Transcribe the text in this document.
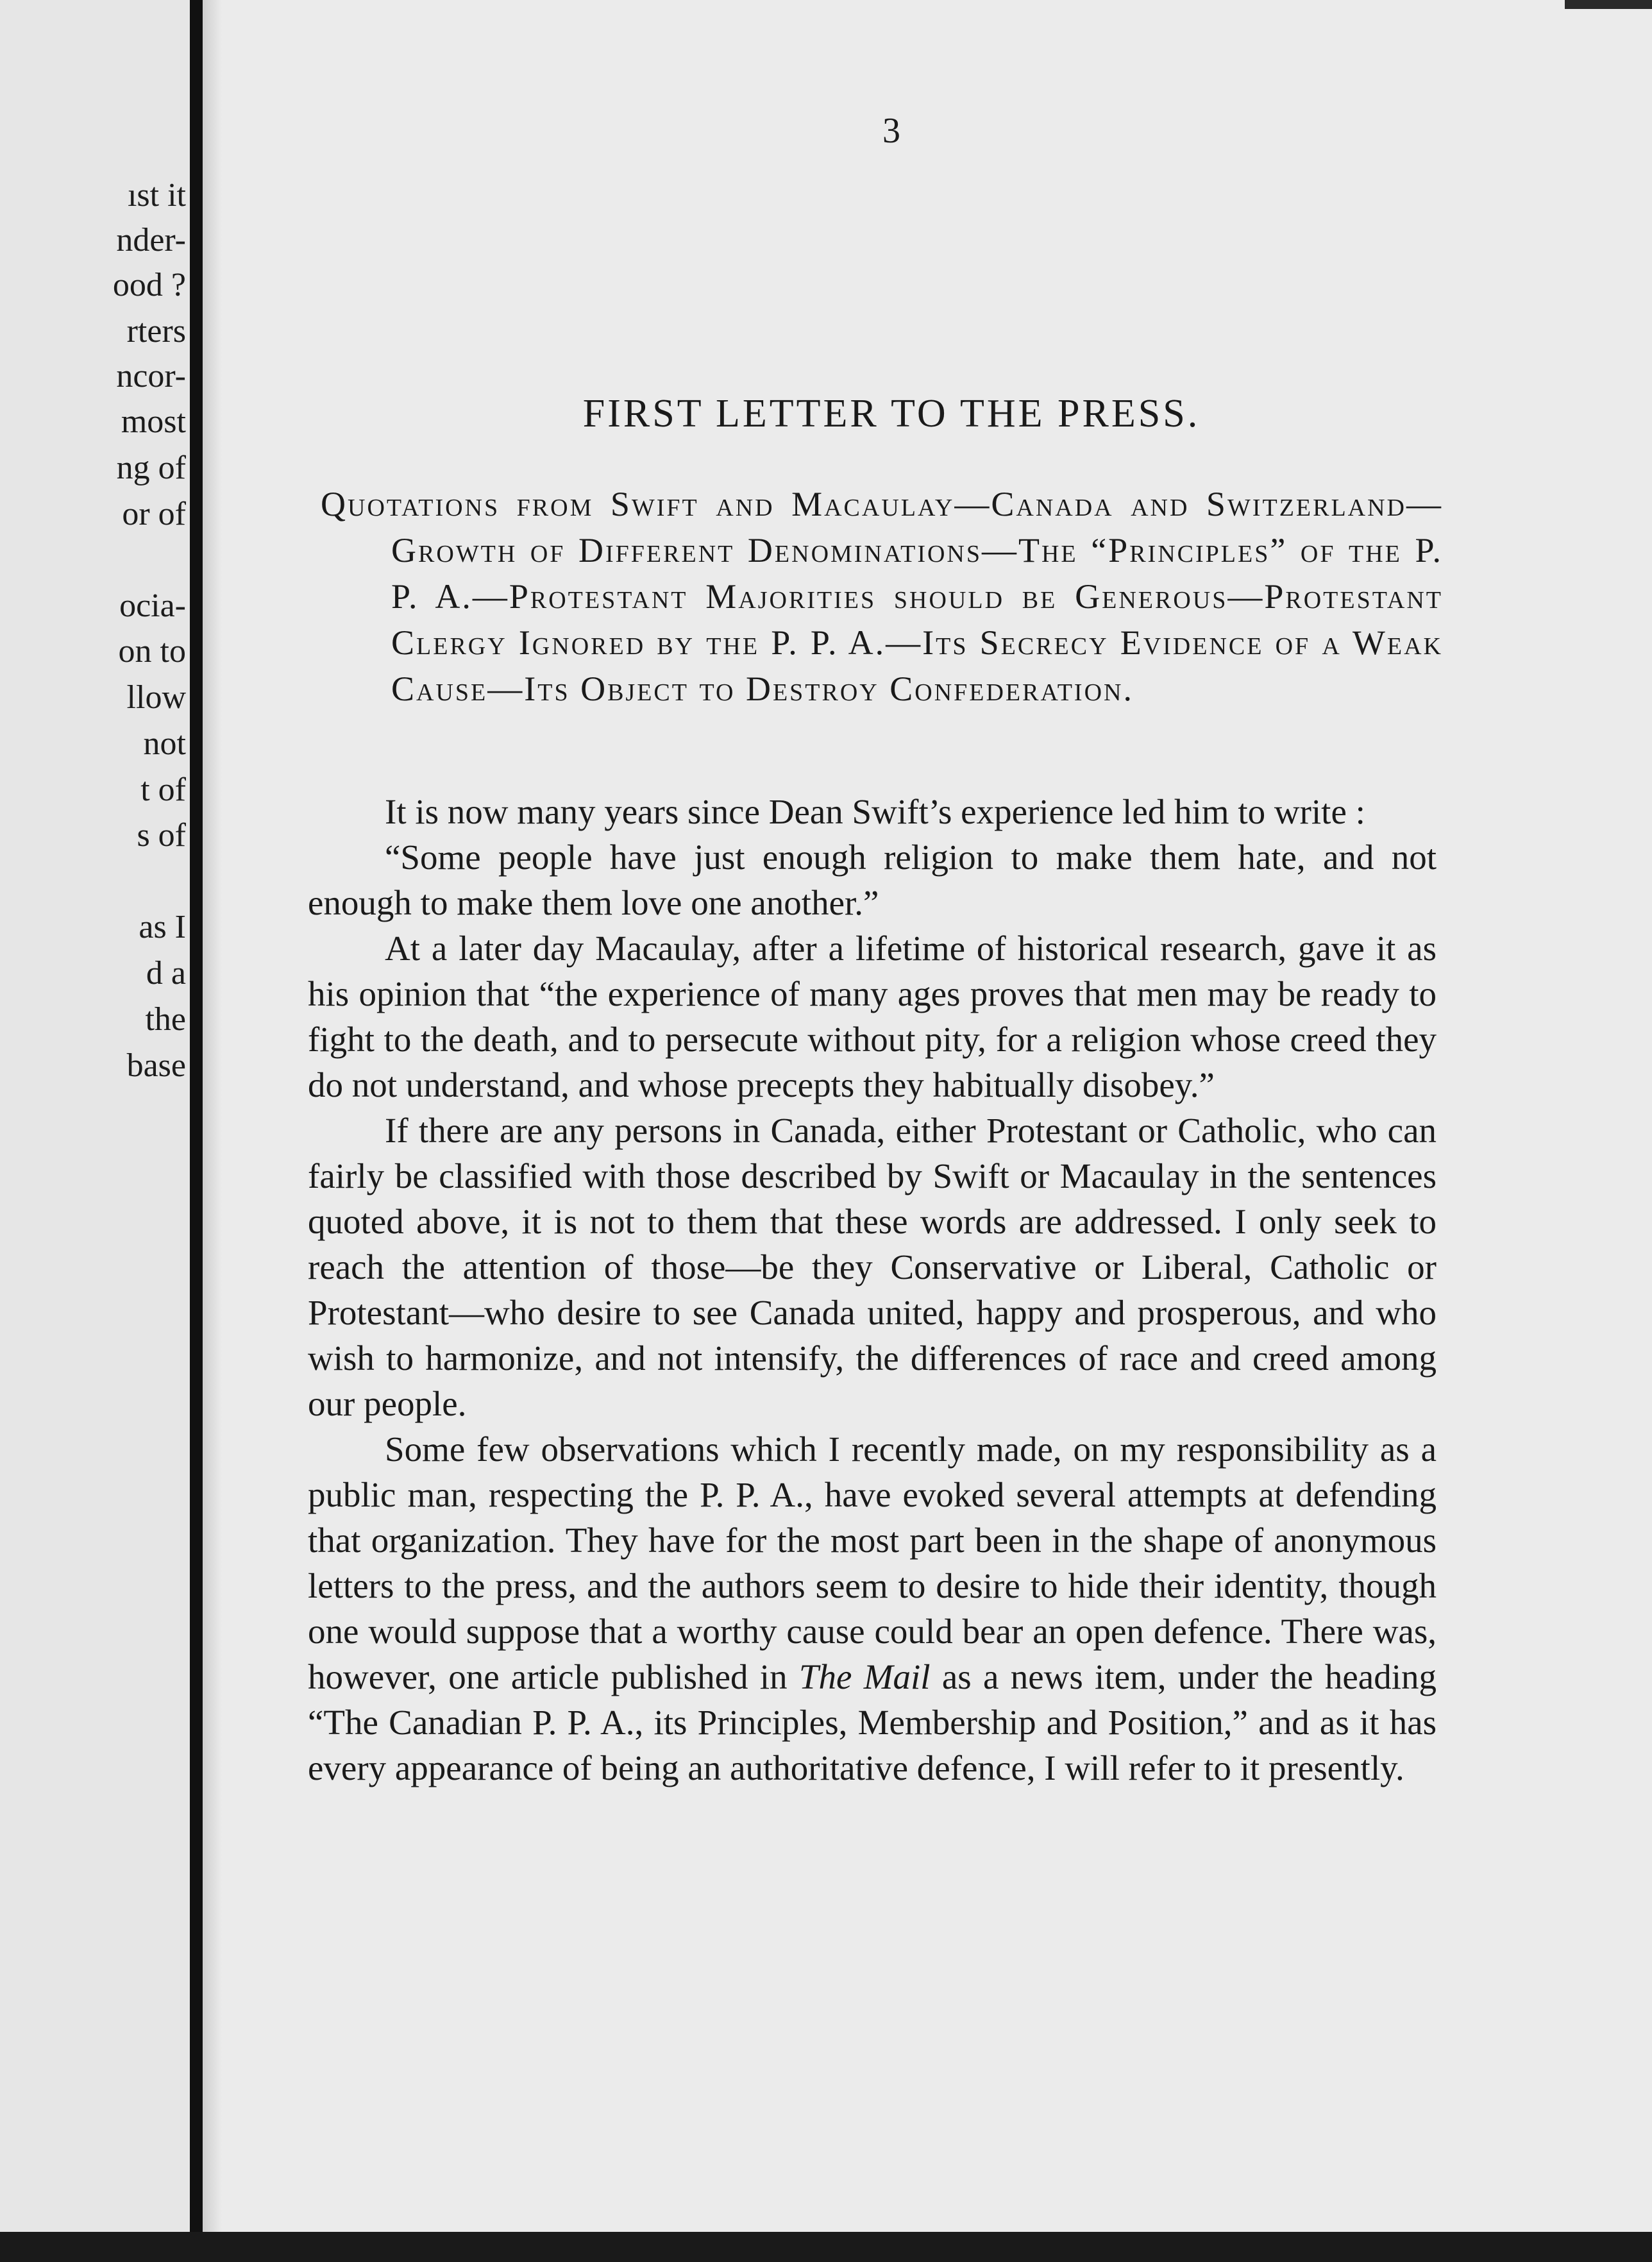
ıst it
nder-
ood ?
rters
ncor-
most
ng of
or of
ocia-
on to
llow
not
t of
s of
as I
d a
the
base
3
FIRST LETTER TO THE PRESS.
Quotations from Swift and Macaulay—Canada and Switzerland—Growth of Different Denominations—The “Principles” of the P. P. A.—Protestant Majorities should be Generous—Protestant Clergy Ignored by the P. P. A.—Its Secrecy Evidence of a Weak Cause—Its Object to Destroy Confederation.

It is now many years since Dean Swift’s experience led him to write :

“Some people have just enough religion to make them hate, and not enough to make them love one another.”

At a later day Macaulay, after a lifetime of historical research, gave it as his opinion that “the experience of many ages proves that men may be ready to fight to the death, and to persecute without pity, for a religion whose creed they do not understand, and whose precepts they habitually disobey.”

If there are any persons in Canada, either Protestant or Catholic, who can fairly be classified with those described by Swift or Macaulay in the sentences quoted above, it is not to them that these words are addressed. I only seek to reach the attention of those—be they Conservative or Liberal, Catholic or Protestant—who desire to see Canada united, happy and prosperous, and who wish to harmonize, and not intensify, the differences of race and creed among our people.

Some few observations which I recently made, on my responsibility as a public man, respecting the P. P. A., have evoked several attempts at defending that organization. They have for the most part been in the shape of anonymous letters to the press, and the authors seem to desire to hide their identity, though one would suppose that a worthy cause could bear an open defence. There was, however, one article published in The Mail as a news item, under the heading “The Canadian P. P. A., its Principles, Membership and Position,” and as it has every appearance of being an authoritative defence, I will refer to it presently.
